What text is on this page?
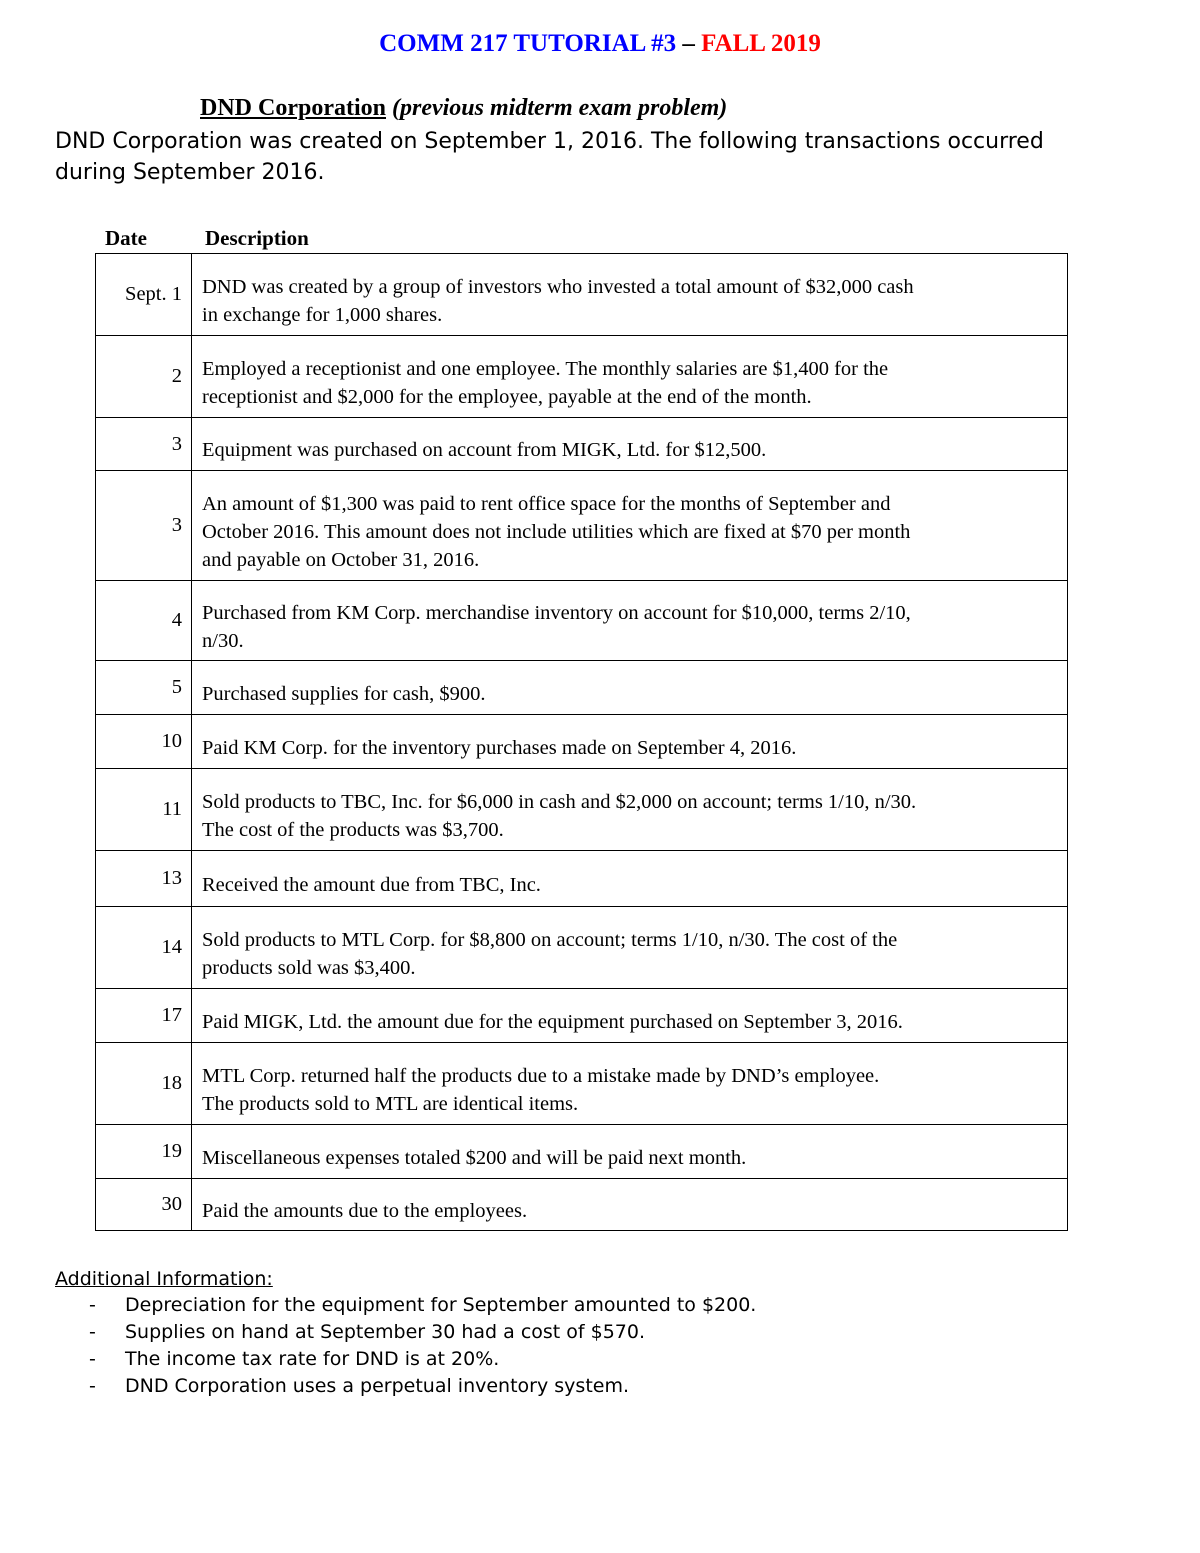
COMM 217 TUTORIAL #3 – FALL 2019
DND Corporation (previous midterm exam problem)
DND Corporation was created on September 1, 2016. The following transactions occurred during September 2016.
Date	Description
Sept. 1	DND was created by a group of investors who invested a total amount of $32,000 cash
in exchange for 1,000 shares.

2	Employed a receptionist and one employee. The monthly salaries are $1,400 for the
receptionist and $2,000 for the employee, payable at the end of the month.

3	Equipment was purchased on account from MIGK, Ltd. for $12,500.

3	An amount of $1,300 was paid to rent office space for the months of September and
October 2016. This amount does not include utilities which are fixed at $70 per month
and payable on October 31, 2016.

4	Purchased from KM Corp. merchandise inventory on account for $10,000, terms 2/10,
n/30.

5	Purchased supplies for cash, $900.

10	Paid KM Corp. for the inventory purchases made on September 4, 2016.

11	Sold products to TBC, Inc. for $6,000 in cash and $2,000 on account; terms 1/10, n/30.
The cost of the products was $3,700.

13	Received the amount due from TBC, Inc.

14	Sold products to MTL Corp. for $8,800 on account; terms 1/10, n/30. The cost of the
products sold was $3,400.

17	Paid MIGK, Ltd. the amount due for the equipment purchased on September 3, 2016.

18	MTL Corp. returned half the products due to a mistake made by DND’s employee.
The products sold to MTL are identical items.

19	Miscellaneous expenses totaled $200 and will be paid next month.

30	Paid the amounts due to the employees.
Additional Information:
- Depreciation for the equipment for September amounted to $200.
- Supplies on hand at September 30 had a cost of $570.
- The income tax rate for DND is at 20%.
- DND Corporation uses a perpetual inventory system.
